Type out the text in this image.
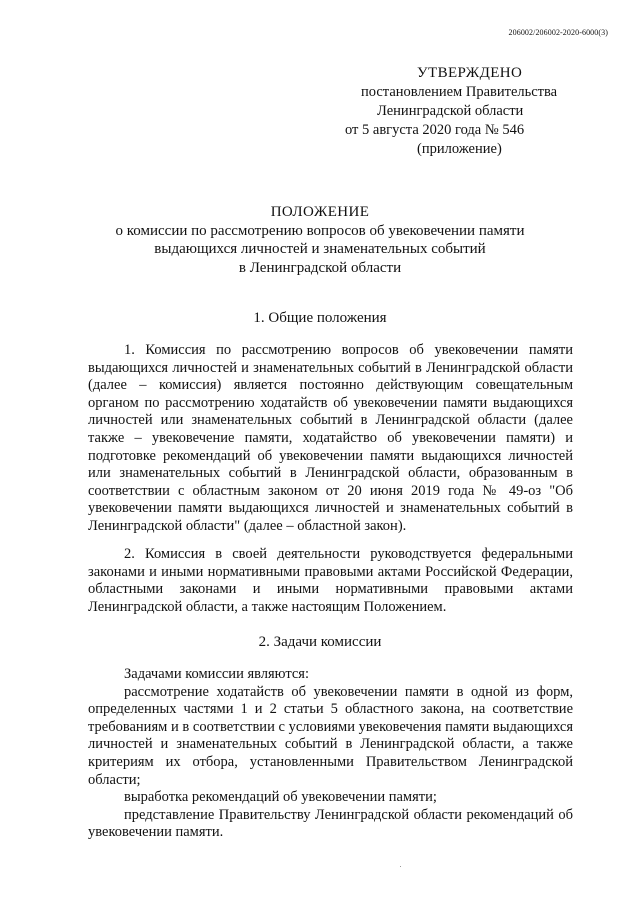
206002/206002-2020-6000(3)
УТВЕРЖДЕНО
постановлением Правительства
Ленинградской области
от 5 августа 2020 года № 546
(приложение)
ПОЛОЖЕНИЕ
о комиссии по рассмотрению вопросов об увековечении памяти
выдающихся личностей и знаменательных событий
в Ленинградской области
1. Общие положения

1. Комиссия по рассмотрению вопросов об увековечении памяти выдающихся личностей и знаменательных событий в Ленинградской области (далее – комиссия) является постоянно действующим совещательным органом по рассмотрению ходатайств об увековечении памяти выдающихся личностей или знаменательных событий в Ленинградской области (далее также – увековечение памяти, ходатайство об увековечении памяти) и подготовке рекомендаций об увековечении памяти выдающихся личностей или знаменательных событий в Ленинградской области, образованным в соответствии с областным законом от 20 июня 2019 года № 49-оз "Об увековечении памяти выдающихся личностей и знаменательных событий в Ленинградской области" (далее – областной закон).

2. Комиссия в своей деятельности руководствуется федеральными законами и иными нормативными правовыми актами Российской Федерации, областными законами и иными нормативными правовыми актами Ленинградской области, а также настоящим Положением.

2. Задачи комиссии

Задачами комиссии являются:

рассмотрение ходатайств об увековечении памяти в одной из форм, определенных частями 1 и 2 статьи 5 областного закона, на соответствие требованиям и в соответствии с условиями увековечения памяти выдающихся личностей и знаменательных событий в Ленинградской области, а также критериям их отбора, установленными Правительством Ленинградской области;

выработка рекомендаций об увековечении памяти;

представление Правительству Ленинградской области рекомендаций об увековечении памяти.
